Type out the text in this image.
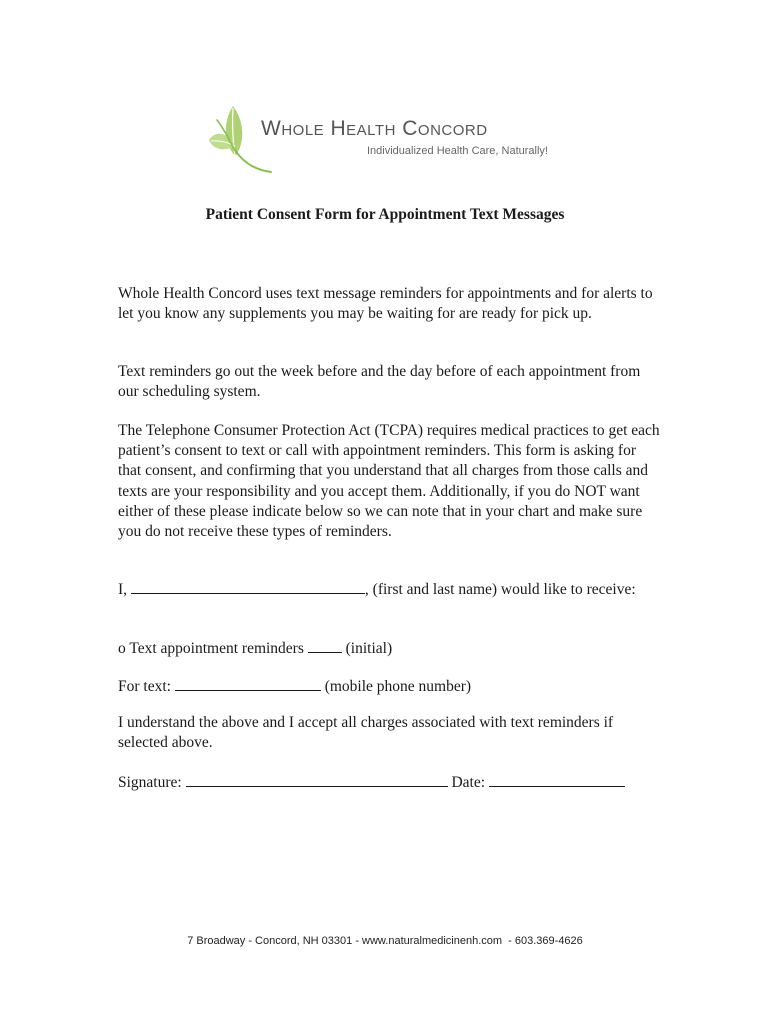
Whole Health Concord
Individualized Health Care, Naturally!
Patient Consent Form for Appointment Text Messages
Whole Health Concord uses text message reminders for appointments and for alerts to let you know any supplements you may be waiting for are ready for pick up.
Text reminders go out the week before and the day before of each appointment from our scheduling system.
The Telephone Consumer Protection Act (TCPA) requires medical practices to get each patient’s consent to text or call with appointment reminders. This form is asking for that consent, and confirming that you understand that all charges from those calls and texts are your responsibility and you accept them. Additionally, if you do NOT want either of these please indicate below so we can note that in your chart and make sure you do not receive these types of reminders.
I,	, (first and last name) would like to receive:
o Text appointment reminders	(initial)
For text:	(mobile phone number)
I understand the above and I accept all charges associated with text reminders if selected above.
Signature:	Date:
7 Broadway - Concord, NH 03301 - www.naturalmedicinenh.com  - 603.369-4626
